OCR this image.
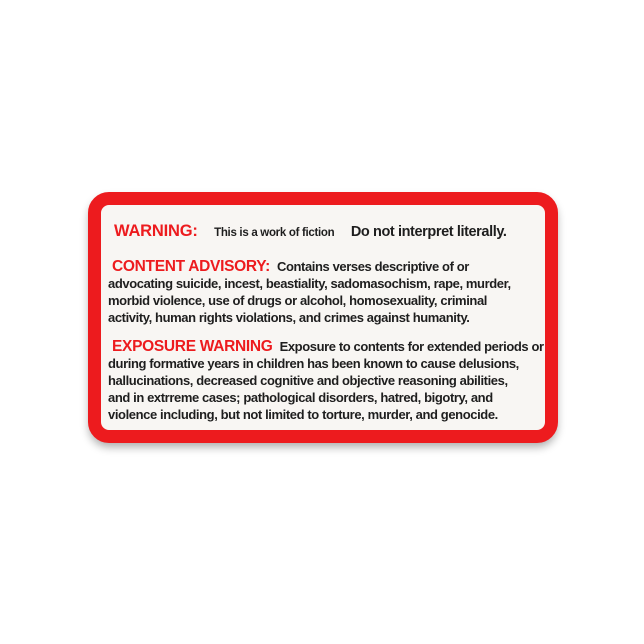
WARNING: This is a work of fiction Do not interpret literally.
CONTENT ADVISORY: Contains verses descriptive of or
advocating suicide, incest, beastiality, sadomasochism, rape, murder,
morbid violence, use of drugs or alcohol, homosexuality, criminal
activity, human rights violations, and crimes against humanity.
EXPOSURE WARNING Exposure to contents for extended periods or
during formative years in children has been known to cause delusions,
hallucinations, decreased cognitive and objective reasoning abilities,
and in extrreme cases; pathological disorders, hatred, bigotry, and
violence including, but not limited to torture, murder, and genocide.
